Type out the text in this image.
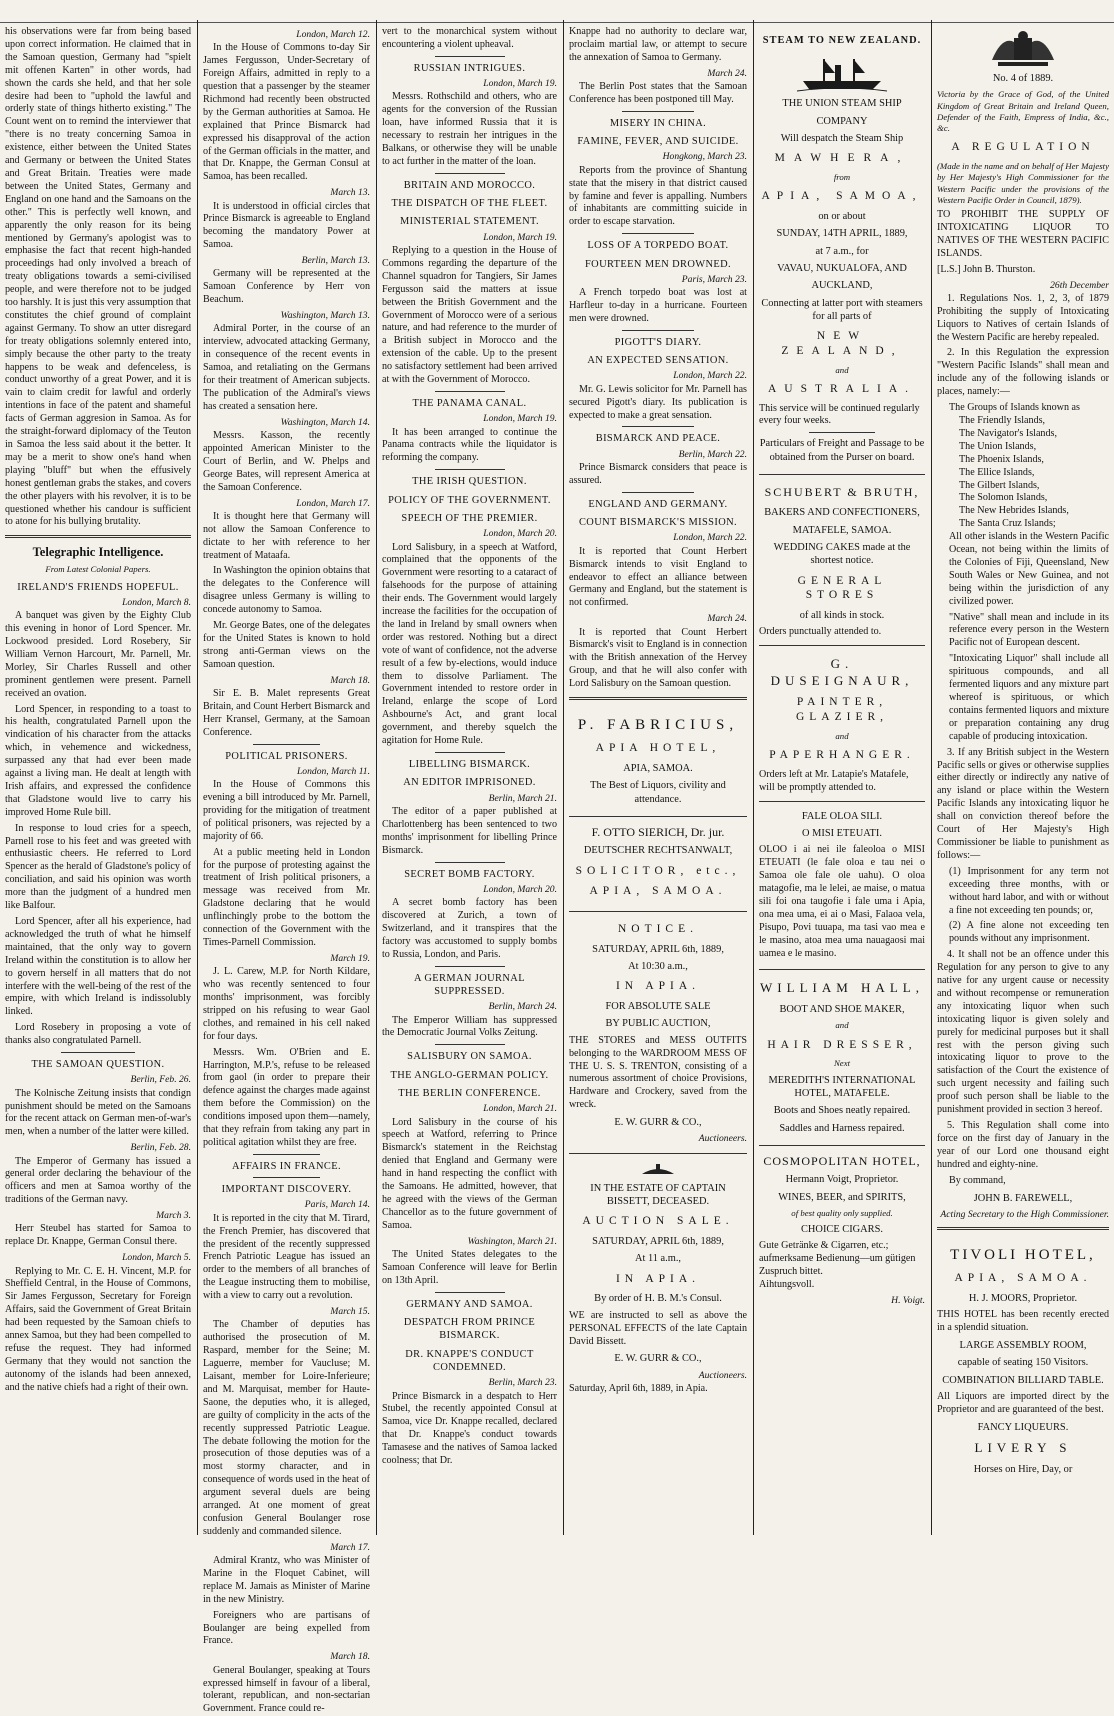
his observations were far from being based upon correct information. He claimed that in the Samoan question, Germany had "spielt mit offenen Karten" in other words, had shown the cards she held, and that her sole desire had been to "uphold the lawful and orderly state of things hitherto existing." The Count went on to remind the interviewer that "there is no treaty concerning Samoa in existence, either between the United States and Germany or between the United States and Great Britain. Treaties were made between the United States, Germany and England on one hand and the Samoans on the other." This is perfectly well known, and apparently the only reason for its being mentioned by Germany's apologist was to emphasise the fact that recent high-handed proceedings had only involved a breach of treaty obligations towards a semi-civilised people, and were therefore not to be judged too harshly. It is just this very assumption that constitutes the chief ground of complaint against Germany. To show an utter disregard for treaty obligations solemnly entered into, simply because the other party to the treaty happens to be weak and defenceless, is conduct unworthy of a great Power, and it is vain to claim credit for lawful and orderly intentions in face of the patent and shameful facts of German aggresion in Samoa. As for the straight-forward diplomacy of the Teuton in Samoa the less said about it the better. It may be a merit to show one's hand when playing "bluff" but when the effusively honest gentleman grabs the stakes, and covers the other players with his revolver, it is to be questioned whether his candour is sufficient to atone for his bullying brutality.

Telegraphic Intelligence.
From Latest Colonial Papers.
IRELAND'S FRIENDS HOPEFUL.
London, March 8.

A banquet was given by the Eighty Club this evening in honor of Lord Spencer. Mr. Lockwood presided. Lord Rosebery, Sir William Vernon Harcourt, Mr. Parnell, Mr. Morley, Sir Charles Russell and other prominent gentlemen were present. Parnell received an ovation.

Lord Spencer, in responding to a toast to his health, congratulated Parnell upon the vindication of his character from the attacks which, in vehemence and wickedness, surpassed any that had ever been made against a living man. He dealt at length with Irish affairs, and expressed the confidence that Gladstone would live to carry his improved Home Rule bill.

In response to loud cries for a speech, Parnell rose to his feet and was greeted with enthusiastic cheers. He referred to Lord Spencer as the herald of Gladstone's policy of conciliation, and said his opinion was worth more than the judgment of a hundred men like Balfour.

Lord Spencer, after all his experience, had acknowledged the truth of what he himself maintained, that the only way to govern Ireland within the constitution is to allow her to govern herself in all matters that do not interfere with the well-being of the rest of the empire, with which Ireland is indissolubly linked.

Lord Rosebery in proposing a vote of thanks also congratulated Parnell.

THE SAMOAN QUESTION.
Berlin, Feb. 26.

The Kolnische Zeitung insists that condign punishment should be meted on the Samoans for the recent attack on German men-of-war's men, when a number of the latter were killed.

Berlin, Feb. 28.

The Emperor of Germany has issued a general order declaring the behaviour of the officers and men at Samoa worthy of the traditions of the German navy.

March 3.

Herr Steubel has started for Samoa to replace Dr. Knappe, German Consul there.

London, March 5.

Replying to Mr. C. E. H. Vincent, M.P. for Sheffield Central, in the House of Commons, Sir James Fergusson, Secretary for Foreign Affairs, said the Government of Great Britain had been requested by the Samoan chiefs to annex Samoa, but they had been compelled to refuse the request. They had informed Germany that they would not sanction the autonomy of the islands had been annexed, and the native chiefs had a right of their own.

London, March 12.

In the House of Commons to-day Sir James Fergusson, Under-Secretary of Foreign Affairs, admitted in reply to a question that a passenger by the steamer Richmond had recently been obstructed by the German authorities at Samoa. He explained that Prince Bismarck had expressed his disapproval of the action of the German officials in the matter, and that Dr. Knappe, the German Consul at Samoa, has been recalled.

March 13.

It is understood in official circles that Prince Bismarck is agreeable to England becoming the mandatory Power at Samoa.

Berlin, March 13.

Germany will be represented at the Samoan Conference by Herr von Beachum.

Washington, March 13.

Admiral Porter, in the course of an interview, advocated attacking Germany, in consequence of the recent events in Samoa, and retaliating on the Germans for their treatment of American subjects. The publication of the Admiral's views has created a sensation here.

Washington, March 14.

Messrs. Kasson, the recently appointed American Minister to the Court of Berlin, and W. Phelps and George Bates, will represent America at the Samoan Conference.

London, March 17.

It is thought here that Germany will not allow the Samoan Conference to dictate to her with reference to her treatment of Mataafa.

In Washington the opinion obtains that the delegates to the Conference will disagree unless Germany is willing to concede autonomy to Samoa.

Mr. George Bates, one of the delegates for the United States is known to hold strong anti-German views on the Samoan question.

March 18.

Sir E. B. Malet represents Great Britain, and Count Herbert Bismarck and Herr Kransel, Germany, at the Samoan Conference.

POLITICAL PRISONERS.
London, March 11.

In the House of Commons this evening a bill introduced by Mr. Parnell, providing for the mitigation of treatment of political prisoners, was rejected by a majority of 66.

At a public meeting held in London for the purpose of protesting against the treatment of Irish political prisoners, a message was received from Mr. Gladstone declaring that he would unflinchingly probe to the bottom the connection of the Government with the Times-Parnell Commission.

March 19.

J. L. Carew, M.P. for North Kildare, who was recently sentenced to four months' imprisonment, was forcibly stripped on his refusing to wear Gaol clothes, and remained in his cell naked for four days.

Messrs. Wm. O'Brien and E. Harrington, M.P.'s, refuse to be released from gaol (in order to prepare their defence against the charges made against them before the Commission) on the conditions imposed upon them—namely, that they refrain from taking any part in political agitation whilst they are free.

AFFAIRS IN FRANCE.
IMPORTANT DISCOVERY.
Paris, March 14.

It is reported in the city that M. Tirard, the French Premier, has discovered that the president of the recently suppressed French Patriotic League has issued an order to the members of all branches of the League instructing them to mobilise, with a view to carry out a revolution.

March 15.

The Chamber of deputies has authorised the prosecution of M. Raspard, member for the Seine; M. Laguerre, member for Vaucluse; M. Laisant, member for Loire-Inferieure; and M. Marquisat, member for Haute-Saone, the deputies who, it is alleged, are guilty of complicity in the acts of the recently suppressed Patriotic League. The debate following the motion for the prosecution of those deputies was of a most stormy character, and in consequence of words used in the heat of argument several duels are being arranged. At one moment of great confusion General Boulanger rose suddenly and commanded silence.

March 17.

Admiral Krantz, who was Minister of Marine in the Floquet Cabinet, will replace M. Jamais as Minister of Marine in the new Ministry.

Foreigners who are partisans of Boulanger are being expelled from France.

March 18.

General Boulanger, speaking at Tours expressed himself in favour of a liberal, tolerant, republican, and non-sectarian Government. France could re-

vert to the monarchical system without encountering a violent upheaval.

RUSSIAN INTRIGUES.
London, March 19.

Messrs. Rothschild and others, who are agents for the conversion of the Russian loan, have informed Russia that it is necessary to restrain her intrigues in the Balkans, or otherwise they will be unable to act further in the matter of the loan.

BRITAIN AND MOROCCO.
THE DISPATCH OF THE FLEET.
MINISTERIAL STATEMENT.
London, March 19.

Replying to a question in the House of Commons regarding the departure of the Channel squadron for Tangiers, Sir James Fergusson said the matters at issue between the British Government and the Government of Morocco were of a serious nature, and had reference to the murder of a British subject in Morocco and the extension of the cable. Up to the present no satisfactory settlement had been arrived at with the Government of Morocco.

THE PANAMA CANAL.
London, March 19.

It has been arranged to continue the Panama contracts while the liquidator is reforming the company.

THE IRISH QUESTION.
POLICY OF THE GOVERNMENT.
SPEECH OF THE PREMIER.
London, March 20.

Lord Salisbury, in a speech at Watford, complained that the opponents of the Government were resorting to a cataract of falsehoods for the purpose of attaining their ends. The Government would largely increase the facilities for the occupation of the land in Ireland by small owners when order was restored. Nothing but a direct vote of want of confidence, not the adverse result of a few by-elections, would induce them to dissolve Parliament. The Government intended to restore order in Ireland, enlarge the scope of Lord Ashbourne's Act, and grant local government, and thereby squelch the agitation for Home Rule.

LIBELLING BISMARCK.
AN EDITOR IMPRISONED.
Berlin, March 21.

The editor of a paper published at Charlottenberg has been sentenced to two months' imprisonment for libelling Prince Bismarck.

SECRET BOMB FACTORY.
London, March 20.

A secret bomb factory has been discovered at Zurich, a town of Switzerland, and it transpires that the factory was accustomed to supply bombs to Russia, London, and Paris.

A GERMAN JOURNAL SUPPRESSED.
Berlin, March 24.

The Emperor William has suppressed the Democratic Journal Volks Zeitung.

SALISBURY ON SAMOA.
THE ANGLO-GERMAN POLICY.
THE BERLIN CONFERENCE.
London, March 21.

Lord Salisbury in the course of his speech at Watford, referring to Prince Bismarck's statement in the Reichstag denied that England and Germany were hand in hand respecting the conflict with the Samoans. He admitted, however, that he agreed with the views of the German Chancellor as to the future government of Samoa.

Washington, March 21.

The United States delegates to the Samoan Conference will leave for Berlin on 13th April.

GERMANY AND SAMOA.
DESPATCH FROM PRINCE BISMARCK.
DR. KNAPPE'S CONDUCT CONDEMNED.
Berlin, March 23.

Prince Bismarck in a despatch to Herr Stubel, the recently appointed Consul at Samoa, vice Dr. Knappe recalled, declared that Dr. Knappe's conduct towards Tamasese and the natives of Samoa lacked coolness; that Dr.

Knappe had no authority to declare war, proclaim martial law, or attempt to secure the annexation of Samoa to Germany.

March 24.

The Berlin Post states that the Samoan Conference has been postponed till May.

MISERY IN CHINA.
FAMINE, FEVER, AND SUICIDE.
Hongkong, March 23.

Reports from the province of Shantung state that the misery in that district caused by famine and fever is appalling. Numbers of inhabitants are committing suicide in order to escape starvation.

LOSS OF A TORPEDO BOAT.
FOURTEEN MEN DROWNED.
Paris, March 23.

A French torpedo boat was lost at Harfleur to-day in a hurricane. Fourteen men were drowned.

PIGOTT'S DIARY.
AN EXPECTED SENSATION.
London, March 22.

Mr. G. Lewis solicitor for Mr. Parnell has secured Pigott's diary. Its publication is expected to make a great sensation.

BISMARCK AND PEACE.
Berlin, March 22.

Prince Bismarck considers that peace is assured.

ENGLAND AND GERMANY.
COUNT BISMARCK'S MISSION.
London, March 22.

It is reported that Count Herbert Bismarck intends to visit England to endeavor to effect an alliance between Germany and England, but the statement is not confirmed.

March 24.

It is reported that Count Herbert Bismarck's visit to England is in connection with the British annexation of the Hervey Group, and that he will also confer with Lord Salisbury on the Samoan question.

P. FABRICIUS,
APIA HOTEL,
APIA, SAMOA.
The Best of Liquors, civility and attendance.
F. OTTO SIERICH, Dr. jur.
DEUTSCHER RECHTSANWALT,
SOLICITOR, etc.,
APIA, SAMOA.
NOTICE.
SATURDAY, APRIL 6th, 1889,
At 10:30 a.m.,
IN APIA.
FOR ABSOLUTE SALE
BY PUBLIC AUCTION,

THE STORES and MESS OUTFITS belonging to the WARDROOM MESS OF THE U. S. S. TRENTON, consisting of a numerous assortment of choice Provisions, Hardware and Crockery, saved from the wreck.

E. W. GURR & CO.,
Auctioneers.
IN THE ESTATE OF CAPTAIN BISSETT, DECEASED.
AUCTION SALE.
SATURDAY, APRIL 6th, 1889,
At 11 a.m.,
IN APIA.
By order of H. B. M.'s Consul.

WE are instructed to sell as above the PERSONAL EFFECTS of the late Captain David Bissett.

E. W. GURR & CO.,
Auctioneers.
Saturday, April 6th, 1889, in Apia.
STEAM TO NEW ZEALAND.
THE UNION STEAM SHIP
COMPANY
Will despatch the Steam Ship
MAWHERA,
from
APIA, SAMOA,
on or about
SUNDAY, 14TH APRIL, 1889,
at 7 a.m., for
VAVAU, NUKUALOFA, AND
AUCKLAND,
Connecting at latter port with steamers for all parts of
NEW ZEALAND,
and
AUSTRALIA.
This service will be continued regularly every four weeks.
Particulars of Freight and Passage to be obtained from the Purser on board.
SCHUBERT & BRUTH,
BAKERS AND CONFECTIONERS,
MATAFELE, SAMOA.
WEDDING CAKES made at the shortest notice.
GENERAL STORES
of all kinds in stock.
Orders punctually attended to.
G. DUSEIGNAUR,
PAINTER, GLAZIER,
and
PAPERHANGER.
Orders left at Mr. Latapie's Matafele, will be promptly attended to.
FALE OLOA SILI.
O MISI ETEUATI.

OLOO i ai nei ile faleoloa o MISI ETEUATI (le fale oloa e tau nei o Samoa ole fale ole uahu). O oloa matagofie, ma le lelei, ae maise, o matua sili foi ona taugofie i fale uma i Apia, ona mea uma, ei ai o Masi, Falaoa vela, Pisupo, Povi tuuapa, ma tasi vao mea e le masino, atoa mea uma nauagaosi mai uamea e le masino.

WILLIAM HALL,
BOOT AND SHOE MAKER,
and
HAIR DRESSER,
Next
MEREDITH'S INTERNATIONAL HOTEL, MATAFELE.
Boots and Shoes neatly repaired.
Saddles and Harness repaired.
COSMOPOLITAN HOTEL,
Hermann Voigt, Proprietor.
WINES, BEER, and SPIRITS,
of best quality only supplied.
CHOICE CIGARS.
Gute Getränke & Cigarren, etc.; aufmerksame Bedienung—um gütigen Zuspruch bittet.
Aihtungsvoll.
H. Voigt.
No. 4 of 1889.

Victoria by the Grace of God, of the United Kingdom of Great Britain and Ireland Queen, Defender of the Faith, Empress of India, &c., &c.

A REGULATION

(Made in the name and on behalf of Her Majesty by Her Majesty's High Commissioner for the Western Pacific under the provisions of the Western Pacific Order in Council, 1879).

TO PROHIBIT THE SUPPLY OF INTOXICATING LIQUOR TO NATIVES OF THE WESTERN PACIFIC ISLANDS.

[L.S.] John B. Thurston.
26th December

1. Regulations Nos. 1, 2, 3, of 1879 Prohibiting the supply of Intoxicating Liquors to Natives of certain Islands of the Western Pacific are hereby repealed.

2. In this Regulation the expression "Western Pacific Islands" shall mean and include any of the following islands or places, namely:—

The Groups of Islands known as
The Friendly Islands,
The Navigator's Islands,
The Union Islands,
The Phoenix Islands,
The Ellice Islands,
The Gilbert Islands,
The Solomon Islands,
The New Hebrides Islands,
The Santa Cruz Islands;

All other islands in the Western Pacific Ocean, not being within the limits of the Colonies of Fiji, Queensland, New South Wales or New Guinea, and not being within the jurisdiction of any civilized power.

"Native" shall mean and include in its reference every person in the Western Pacific not of European descent.

"Intoxicating Liquor" shall include all spirituous compounds, and all fermented liquors and any mixture part whereof is spirituous, or which contains fermented liquors and mixture or preparation containing any drug capable of producing intoxication.

3. If any British subject in the Western Pacific sells or gives or otherwise supplies either directly or indirectly any native of any island or place within the Western Pacific Islands any intoxicating liquor he shall on conviction thereof before the Court of Her Majesty's High Commissioner be liable to punishment as follows:—

(1) Imprisonment for any term not exceeding three months, with or without hard labor, and with or without a fine not exceeding ten pounds; or,

(2) A fine alone not exceeding ten pounds without any imprisonment.

4. It shall not be an offence under this Regulation for any person to give to any native for any urgent cause or necessity and without recompense or remuneration any intoxicating liquor when such intoxicating liquor is given solely and purely for medicinal purposes but it shall rest with the person giving such intoxicating liquor to prove to the satisfaction of the Court the existence of such urgent necessity and failing such proof such person shall be liable to the punishment provided in section 3 hereof.

5. This Regulation shall come into force on the first day of January in the year of our Lord one thousand eight hundred and eighty-nine.

By command,
JOHN B. FAREWELL,
Acting Secretary to the High Commissioner.
TIVOLI HOTEL,
APIA, SAMOA.
H. J. MOORS, Proprietor.

THIS HOTEL has been recently erected in a splendid situation.

LARGE ASSEMBLY ROOM,
capable of seating 150 Visitors.
COMBINATION BILLIARD TABLE.

All Liquors are imported direct by the Proprietor and are guaranteed of the best.

FANCY LIQUEURS.
LIVERY S
Horses on Hire, Day, or
